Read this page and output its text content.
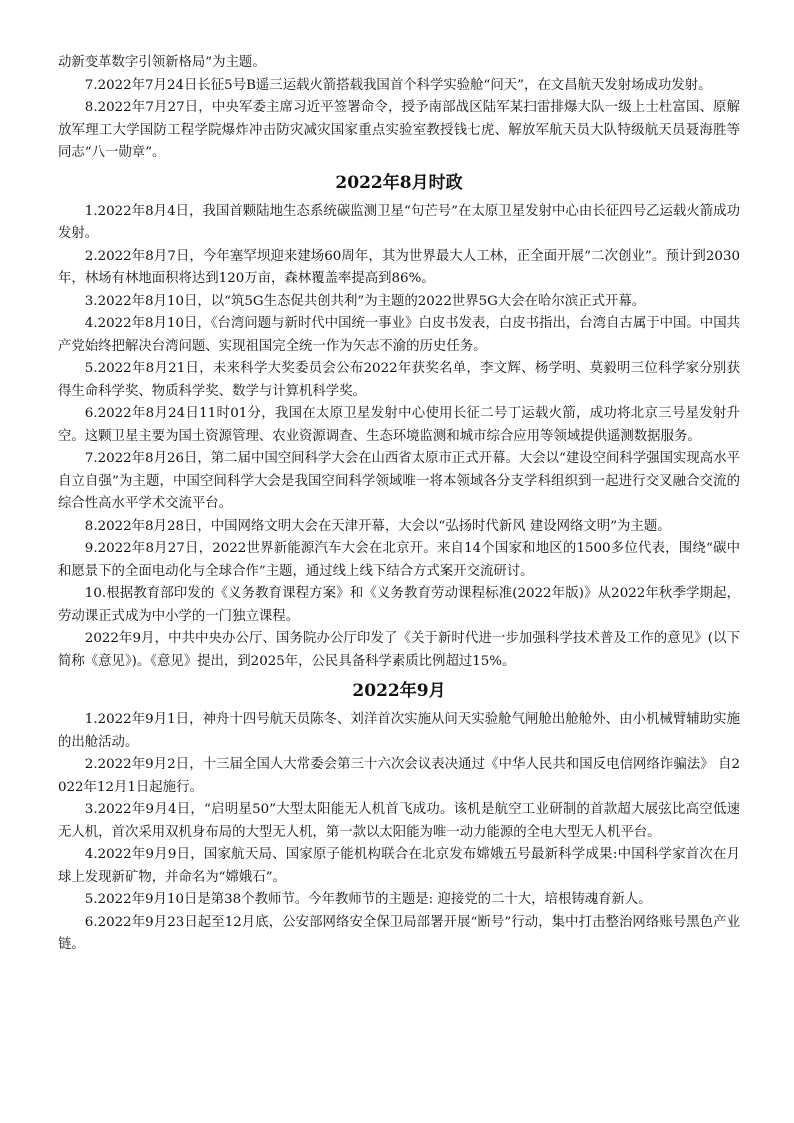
动新变革数字引领新格局”为主题。

7.2022年7月24日长征5号B遥三运载火箭搭载我国首个科学实验舱“问天”，在文昌航天发射场成功发射。

8.2022年7月27日，中央军委主席习近平签署命令，授予南部战区陆军某扫雷排爆大队一级上士杜富国、原解放军理工大学国防工程学院爆炸冲击防灾减灾国家重点实验室教授钱七虎、解放军航天员大队特级航天员聂海胜等同志“八一勋章”。

2022年8月时政

1.2022年8月4日，我国首颗陆地生态系统碳监测卫星“句芒号”在太原卫星发射中心由长征四号乙运载火箭成功发射。

2.2022年8月7日，今年塞罕坝迎来建场60周年，其为世界最大人工林，正全面开展“二次创业”。预计到2030年，林场有林地面积将达到120万亩，森林覆盖率提高到86%。

3.2022年8月10日，以“筑5G生态促共创共利”为主题的2022世界5G大会在哈尔滨正式开幕。

4.2022年8月10日，《台湾问题与新时代中国统一事业》白皮书发表，白皮书指出，台湾自古属于中国。中国共产党始终把解决台湾问题、实现祖国完全统一作为矢志不渝的历史任务。

5.2022年8月21日，未来科学大奖委员会公布2022年获奖名单，李文辉、杨学明、莫毅明三位科学家分别获得生命科学奖、物质科学奖、数学与计算机科学奖。

6.2022年8月24日11时01分，我国在太原卫星发射中心使用长征二号丁运载火箭，成功将北京三号星发射升空。这颗卫星主要为国土资源管理、农业资源调查、生态环境监测和城市综合应用等领域提供遥测数据服务。

7.2022年8月26日，第二届中国空间科学大会在山西省太原市正式开幕。大会以“建设空间科学强国实现高水平自立自强”为主题，中国空间科学大会是我国空间科学领域唯一将本领域各分支学科组织到一起进行交叉融合交流的综合性高水平学术交流平台。

8.2022年8月28日，中国网络文明大会在天津开幕，大会以“弘扬时代新风 建设网络文明”为主题。

9.2022年8月27日，2022世界新能源汽车大会在北京开。来自14个国家和地区的1500多位代表，围绕“碳中和愿景下的全面电动化与全球合作”主题，通过线上线下结合方式案开交流研讨。

10.根据教育部印发的《义务教育课程方案》和《义务教育劳动课程标准(2022年版)》从2022年秋季学期起，劳动课正式成为中小学的一门独立课程。

2022年9月，中共中央办公厅、国务院办公厅印发了《关于新时代进一步加强科学技术普及工作的意见》(以下简称《意见》)。《意见》提出，到2025年，公民具备科学素质比例超过15%。

2022年9月

1.2022年9月1日，神舟十四号航天员陈冬、刘洋首次实施从问天实验舱气闸舱出舱舱外、由小机械臂辅助实施的出舱活动。

2.2022年9月2日，十三届全国人大常委会第三十六次会议表决通过《中华人民共和国反电信网络诈骗法》 自2022年12月1日起施行。

3.2022年9月4日，“启明星50”大型太阳能无人机首飞成功。该机是航空工业研制的首款超大展弦比高空低速无人机，首次采用双机身布局的大型无人机，第一款以太阳能为唯一动力能源的全电大型无人机平台。

4.2022年9月9日，国家航天局、国家原子能机构联合在北京发布嫦娥五号最新科学成果:中国科学家首次在月球上发现新矿物，并命名为“嫦娥石”。

5.2022年9月10日是第38个教师节。今年教师节的主题是: 迎接党的二十大，培根铸魂育新人。

6.2022年9月23日起至12月底，公安部网络安全保卫局部署开展“断号”行动，集中打击整治网络账号黑色产业链。
